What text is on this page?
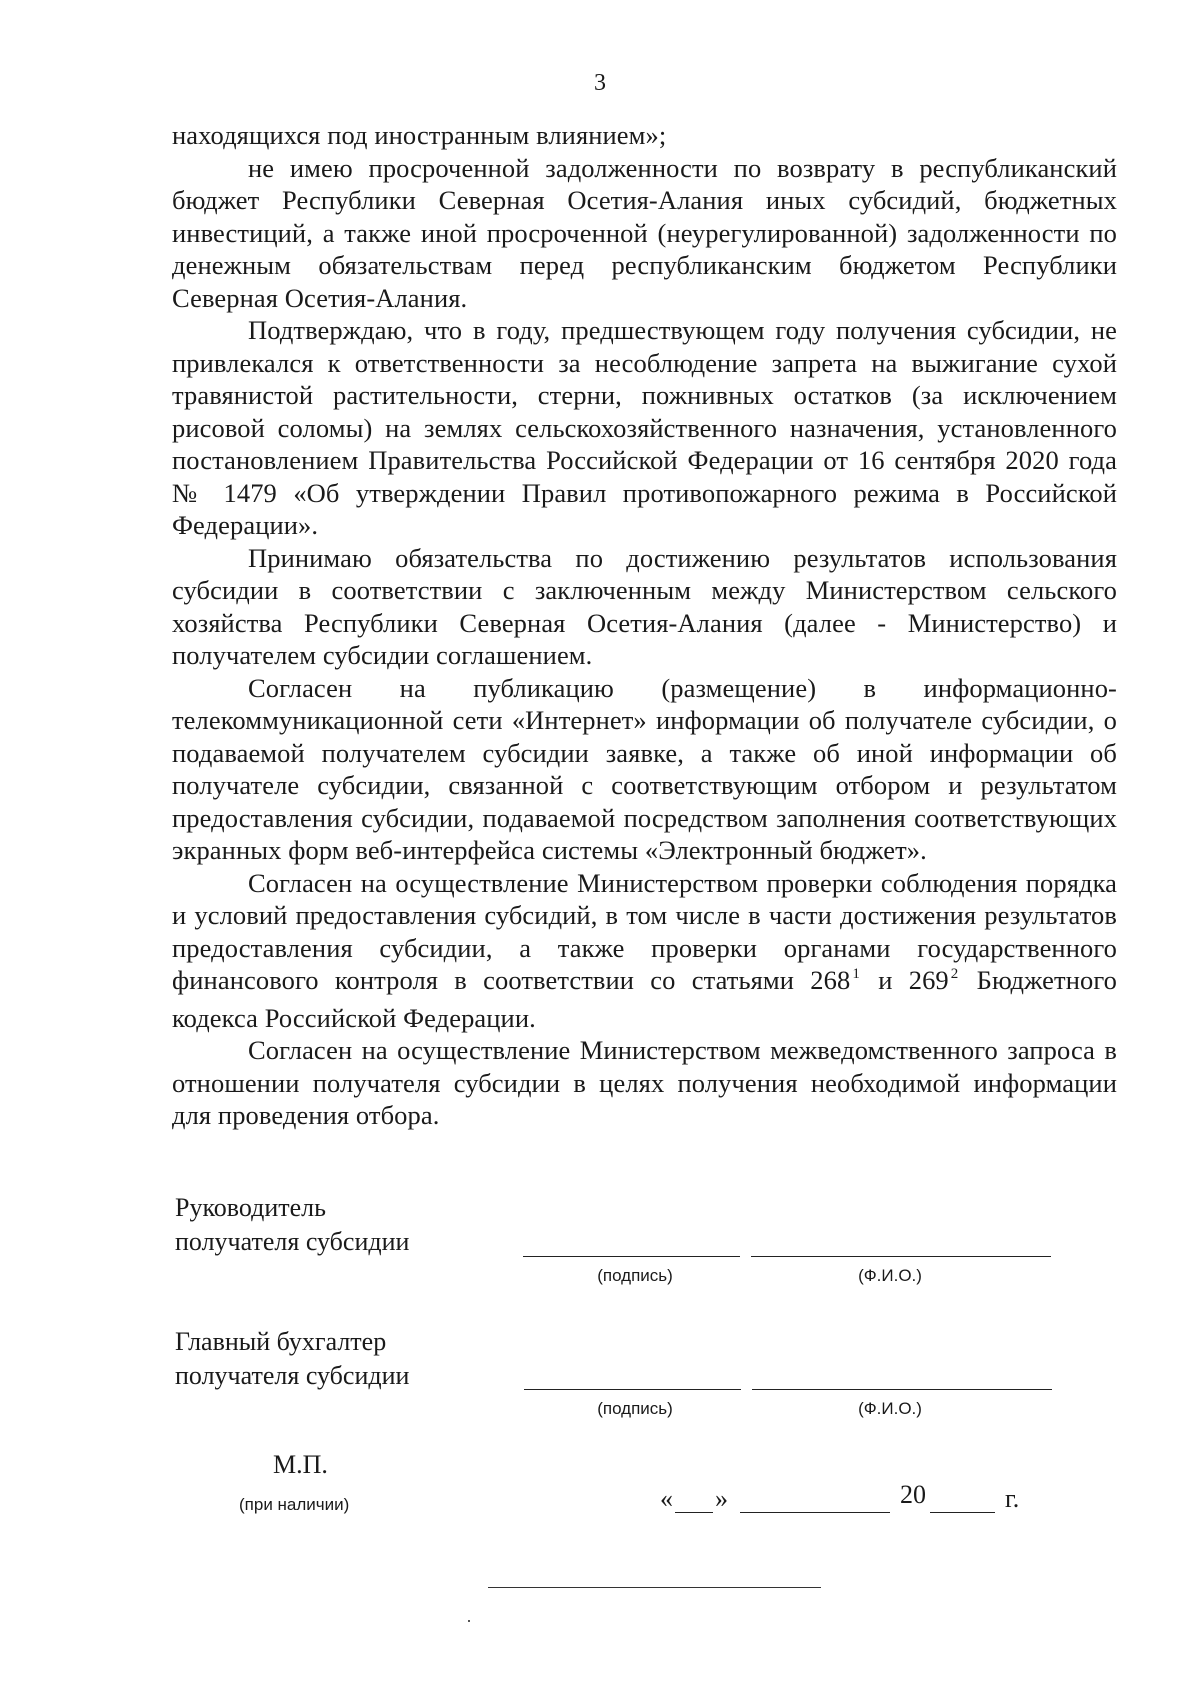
3

находящихся под иностранным влиянием»;

не имею просроченной задолженности по возврату в республиканский бюджет Республики Северная Осетия-Алания иных субсидий, бюджетных инвестиций, а также иной просроченной (неурегулированной) задолженности по денежным обязательствам перед республиканским бюджетом Республики Северная Осетия-Алания.

Подтверждаю, что в году, предшествующем году получения субсидии, не привлекался к ответственности за несоблюдение запрета на выжигание сухой травянистой растительности, стерни, пожнивных остатков (за исключением рисовой соломы) на землях сельскохозяйственного назначения, установленного постановлением Правительства Российской Федерации от 16 сентября 2020 года № 1479 «Об утверждении Правил противопожарного режима в Российской Федерации».

Принимаю обязательства по достижению результатов использования субсидии в соответствии с заключенным между Министерством сельского хозяйства Республики Северная Осетия-Алания (далее - Министерство) и получателем субсидии соглашением.

Согласен на публикацию (размещение) в информационно-телекоммуникационной сети «Интернет» информации об получателе субсидии, о подаваемой получателем субсидии заявке, а также об иной информации об получателе субсидии, связанной с соответствующим отбором и результатом предоставления субсидии, подаваемой посредством заполнения соответствующих экранных форм веб-интерфейса системы «Электронный бюджет».

Согласен на осуществление Министерством проверки соблюдения порядка и условий предоставления субсидий, в том числе в части достижения результатов предоставления субсидии, а также проверки органами государственного финансового контроля в соответствии со статьями 268 $^1$ и 269 $^2$ Бюджетного кодекса Российской Федерации.

Согласен на осуществление Министерством межведомственного запроса в отношении получателя субсидии в целях получения необходимой информации для проведения отбора.

Руководитель
получателя субсидии
(подпись)	(Ф.И.О.)
Главный бухгалтер
получателя субсидии
(подпись)	(Ф.И.О.)
М.П.
(при наличии)	« »	20	г.
